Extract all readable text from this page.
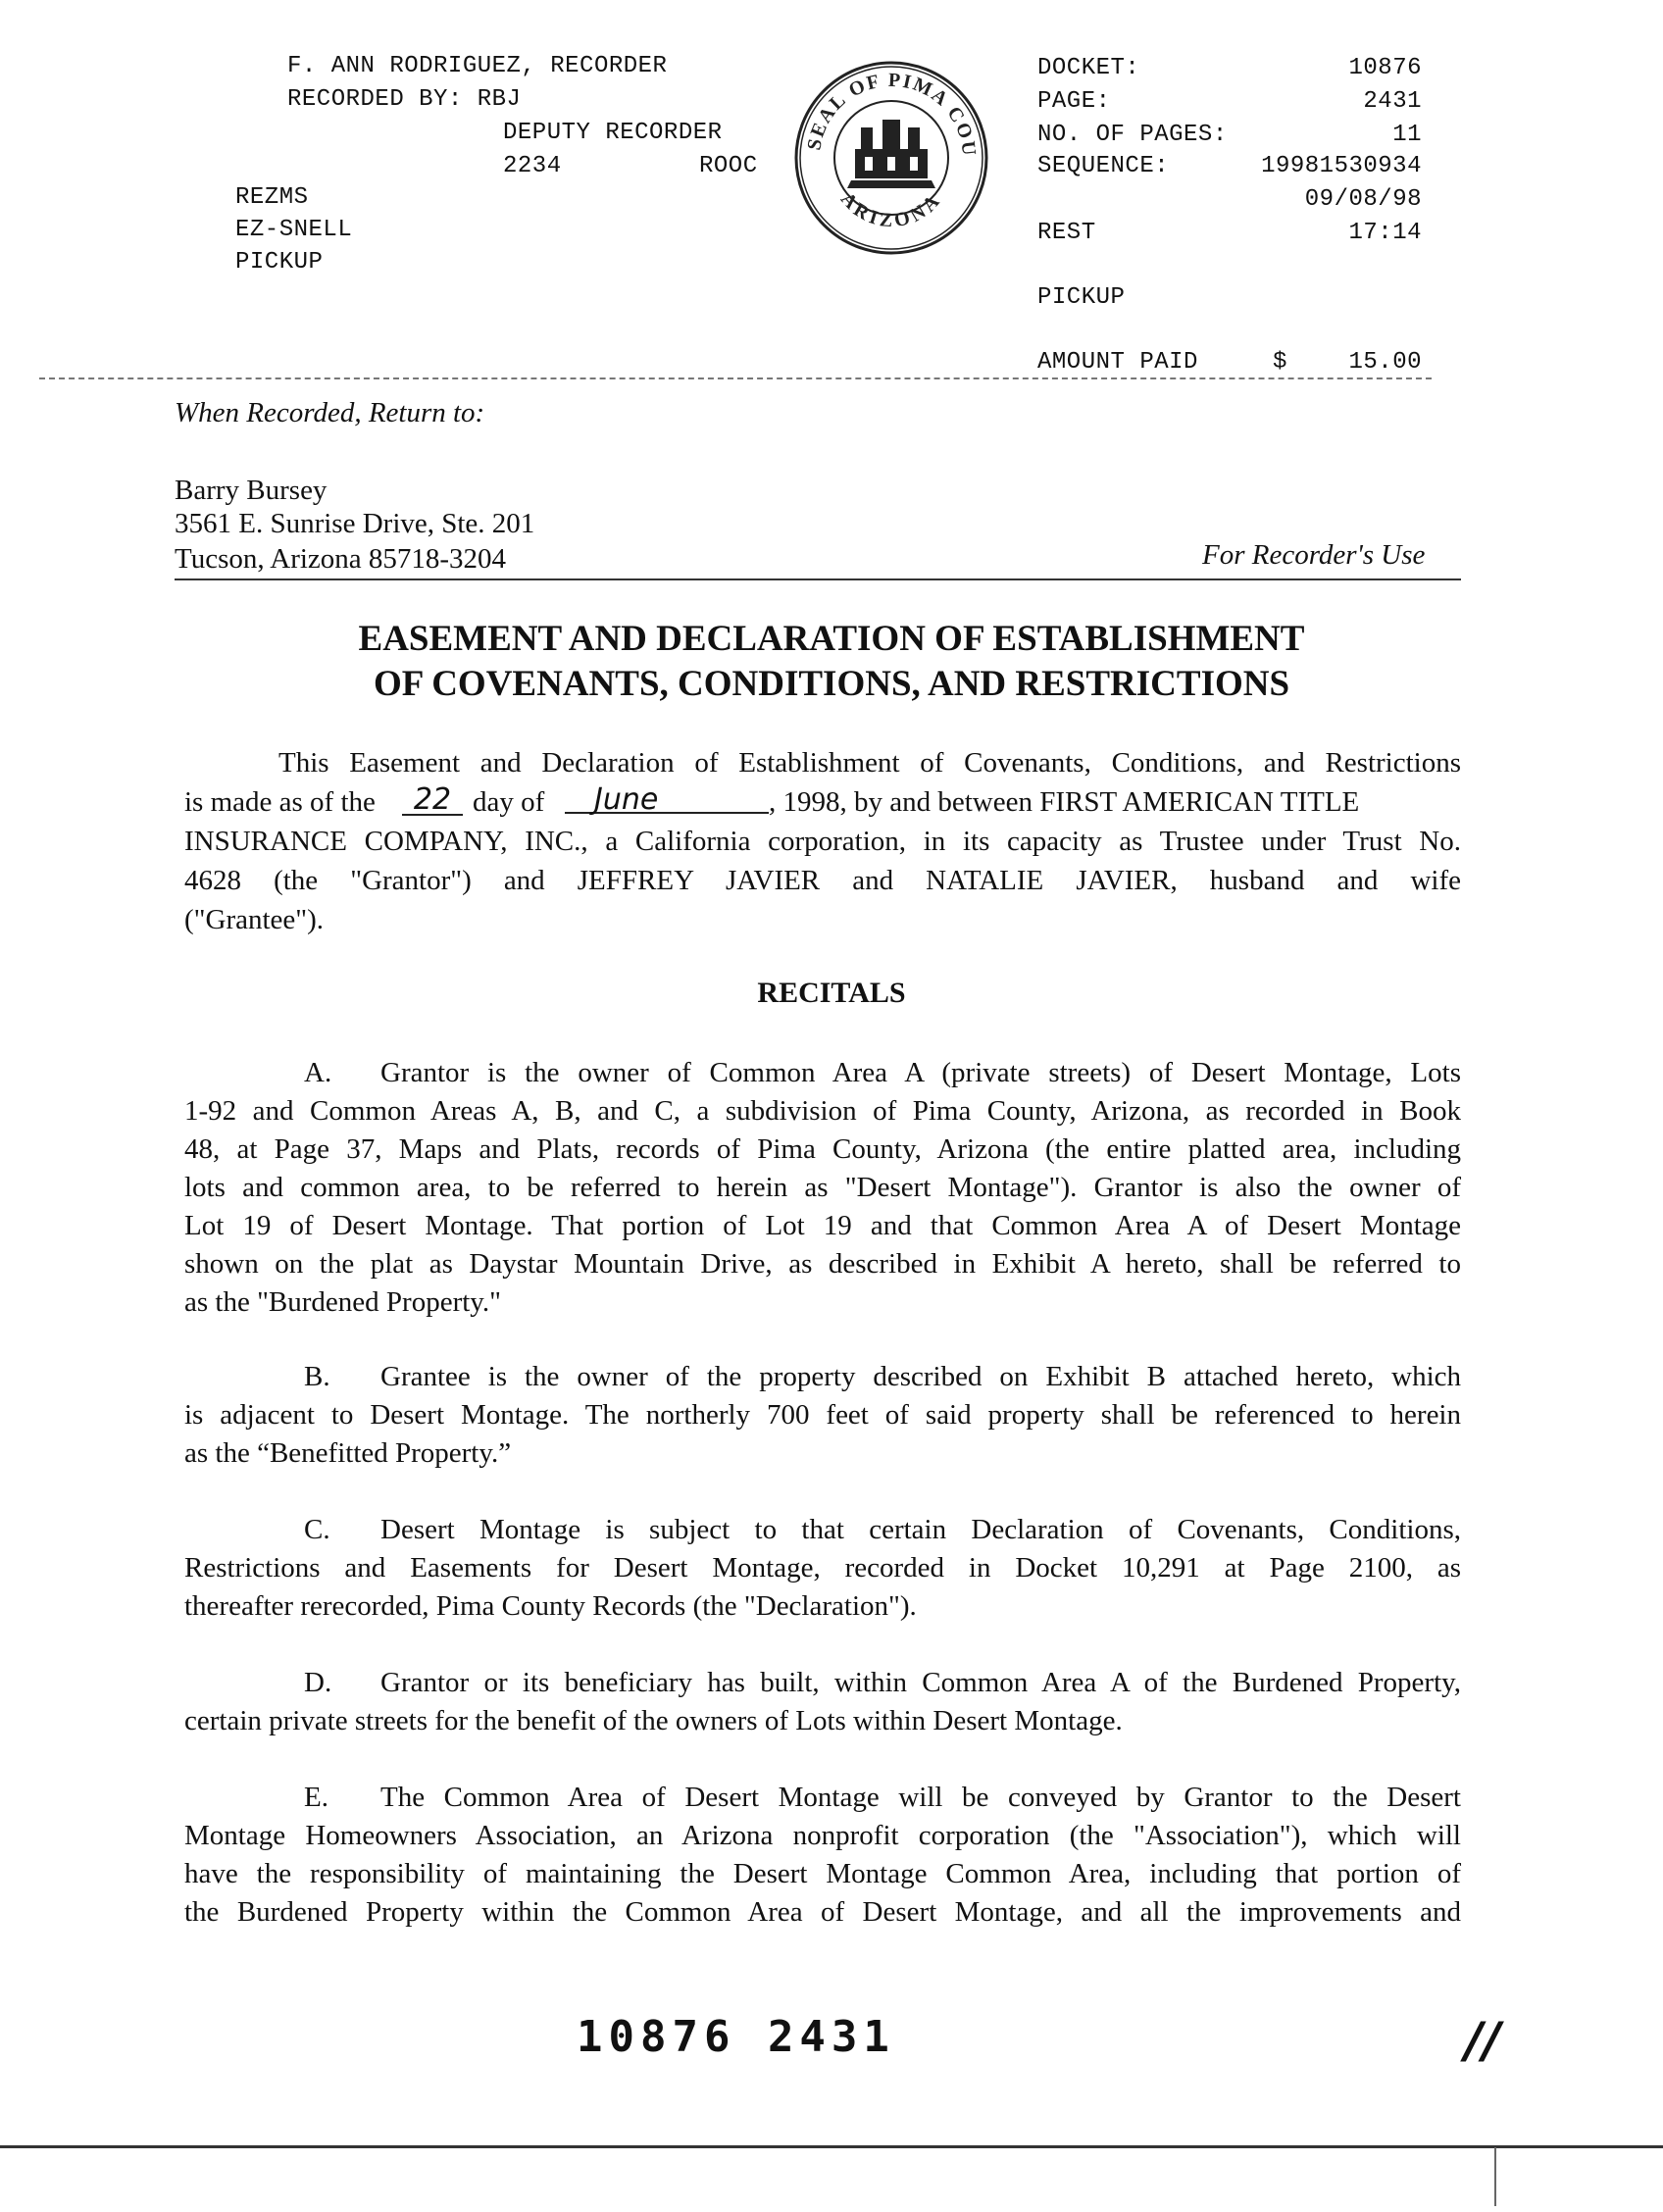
F. ANN RODRIGUEZ, RECORDER
RECORDED BY: RBJ
DEPUTY RECORDER
2234	ROOC
REZMS
EZ-SNELL
PICKUP
SEAL OF PIMA COU
ARIZONA
DOCKET:	10876
PAGE:	2431
NO. OF PAGES:	11
SEQUENCE:	19981530934
09/08/98
REST	17:14
PICKUP
AMOUNT PAID	$	15.00
When Recorded, Return to:
Barry Bursey
3561 E. Sunrise Drive, Ste. 201
Tucson, Arizona 85718-3204	For Recorder's Use
EASEMENT AND DECLARATION OF ESTABLISHMENT
OF COVENANTS, CONDITIONS, AND RESTRICTIONS
This Easement and Declaration of Establishment of Covenants, Conditions, and Restrictions
is made as of the	22 day of	June	, 1998, by and between FIRST AMERICAN TITLE
INSURANCE COMPANY, INC., a California corporation, in its capacity as Trustee under Trust No.
4628 (the "Grantor") and JEFFREY JAVIER and NATALIE JAVIER, husband and wife
("Grantee").
RECITALS
A. Grantor is the owner of Common Area A (private streets) of Desert Montage, Lots
1-92 and Common Areas A, B, and C, a subdivision of Pima County, Arizona, as recorded in Book
48, at Page 37, Maps and Plats, records of Pima County, Arizona (the entire platted area, including
lots and common area, to be referred to herein as "Desert Montage"). Grantor is also the owner of
Lot 19 of Desert Montage. That portion of Lot 19 and that Common Area A of Desert Montage
shown on the plat as Daystar Mountain Drive, as described in Exhibit A hereto, shall be referred to
as the "Burdened Property."
B. Grantee is the owner of the property described on Exhibit B attached hereto, which
is adjacent to Desert Montage. The northerly 700 feet of said property shall be referenced to herein
as the “Benefitted Property.”
C. Desert Montage is subject to that certain Declaration of Covenants, Conditions,
Restrictions and Easements for Desert Montage, recorded in Docket 10,291 at Page 2100, as
thereafter rerecorded, Pima County Records (the "Declaration").
D. Grantor or its beneficiary has built, within Common Area A of the Burdened Property,
certain private streets for the benefit of the owners of Lots within Desert Montage.
E. The Common Area of Desert Montage will be conveyed by Grantor to the Desert
Montage Homeowners Association, an Arizona nonprofit corporation (the "Association"), which will
have the responsibility of maintaining the Desert Montage Common Area, including that portion of
the Burdened Property within the Common Area of Desert Montage, and all the improvements and
10876 2431	//
